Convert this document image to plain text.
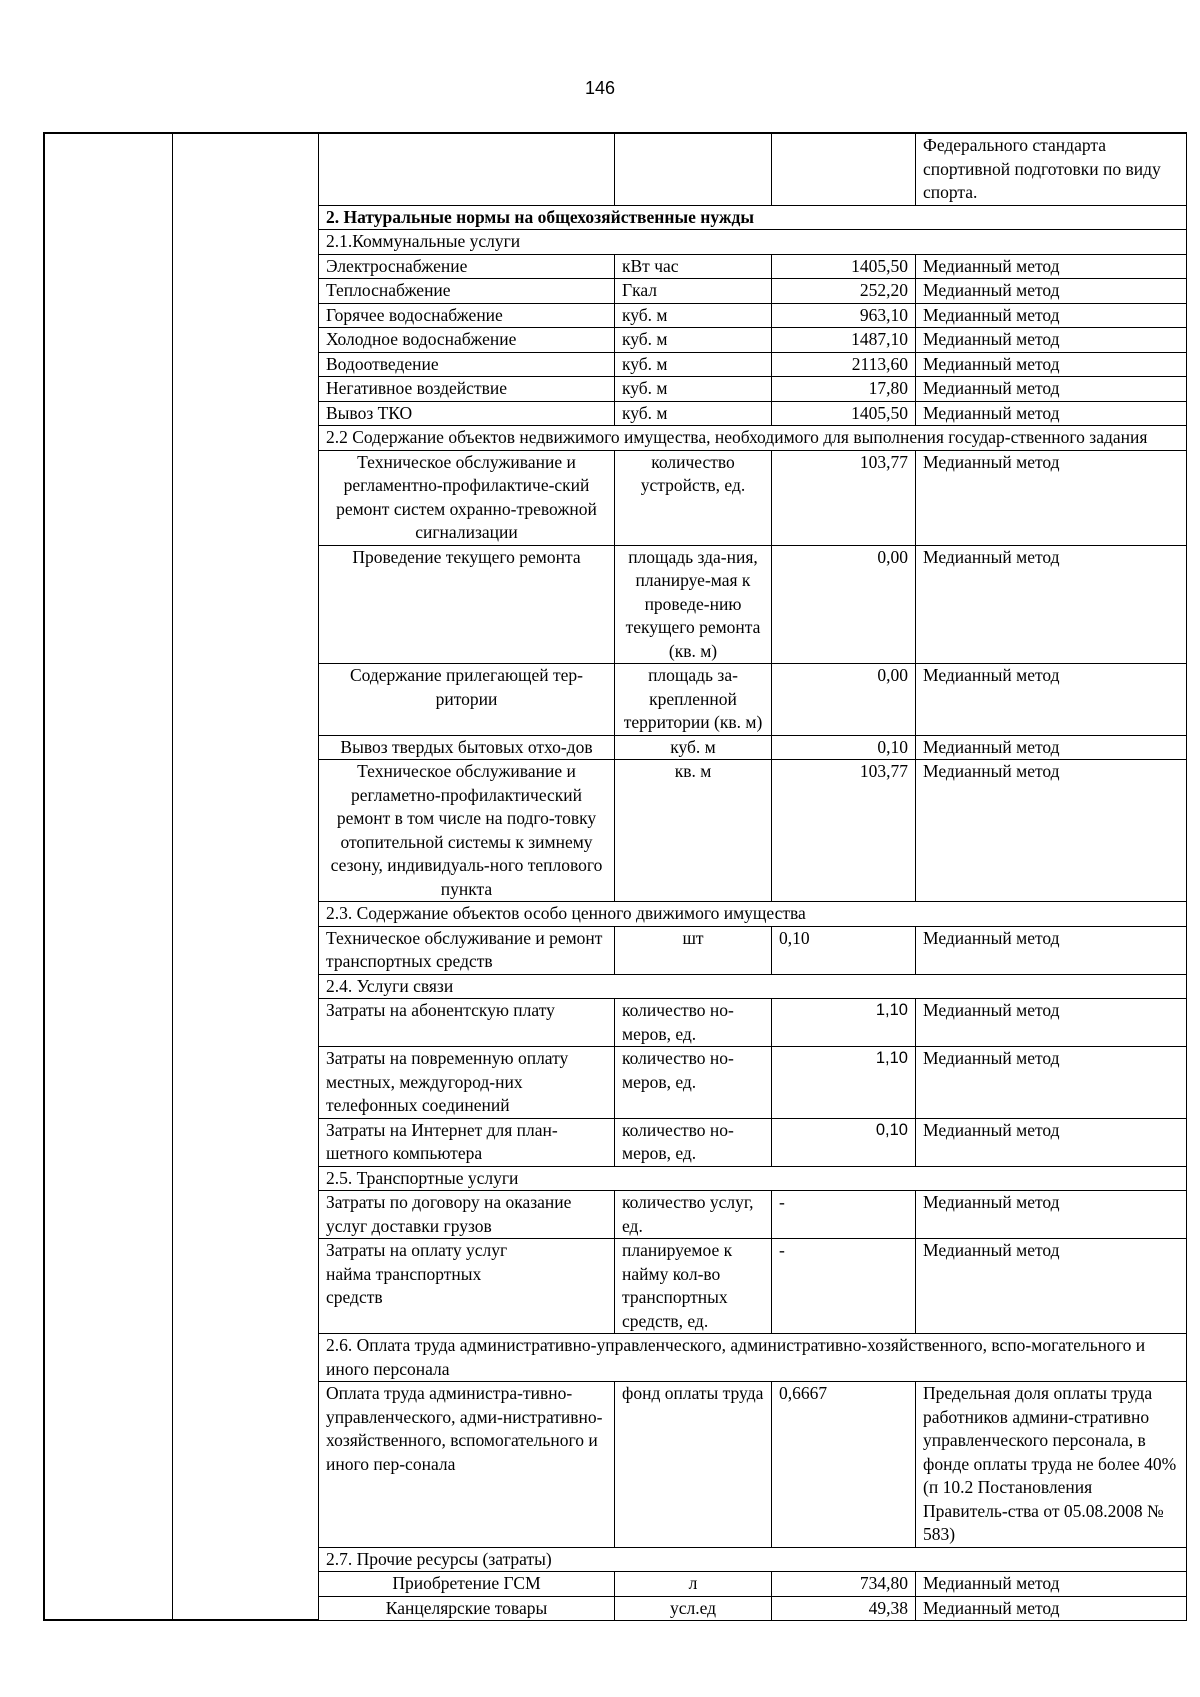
146
			Федерального стандарта спортивной подготовки по виду спорта.
2. Натуральные нормы на общехозяйственные нужды			
2.1.Коммунальные услуги			
Электроснабжение	кВт час	1405,50	Медианный метод
Теплоснабжение	Гкал	252,20	Медианный метод
Горячее водоснабжение	куб. м	963,10	Медианный метод
Холодное водоснабжение	куб. м	1487,10	Медианный метод
Водоотведение	куб. м	2113,60	Медианный метод
Негативное воздействие	куб. м	17,80	Медианный метод
Вывоз ТКО	куб. м	1405,50	Медианный метод
2.2 Содержание объектов недвижимого имущества, необходимого для выполнения государ-ственного задания			
Техническое обслуживание и регламентно-профилактиче-ский ремонт систем охранно-тревожной сигнализации	количество устройств, ед.	103,77	Медианный метод
Проведение текущего ремонта	площадь зда-ния, планируе-мая к проведе-нию текущего ремонта (кв. м)	0,00	Медианный метод
Содержание прилегающей тер-ритории	площадь за-крепленной территории (кв. м)	0,00	Медианный метод
Вывоз твердых бытовых отхо-дов	куб. м	0,10	Медианный метод
Техническое обслуживание и регламетно-профилактический ремонт в том числе на подго-товку отопительной системы к зимнему сезону, индивидуаль-ного теплового пункта	кв. м	103,77	Медианный метод
2.3. Содержание объектов особо ценного движимого имущества			
Техническое обслуживание и ремонт транспортных средств	шт	0,10	Медианный метод
2.4. Услуги связи			
Затраты на абонентскую плату	количество но-меров, ед.	1,10	Медианный метод
Затраты на повременную оплату местных, междугород-них телефонных соединений	количество но-меров, ед.	1,10	Медианный метод
Затраты на Интернет для план-шетного компьютера	количество но-меров, ед.	0,10	Медианный метод
2.5. Транспортные услуги			
Затраты по договору на оказание услуг доставки грузов	количество услуг, ед.	-	Медианный метод
Затраты на оплату услуг найма транспортных средств	планируемое к найму кол-во транспортных средств, ед.	-	Медианный метод
2.6. Оплата труда административно-управленческого, административно-хозяйственного, вспо-могательного и иного персонала			
Оплата труда администра-тивно-управленческого, адми-нистративно-хозяйственного, вспомогательного и иного пер-сонала	фонд оплаты труда	0,6667	Предельная доля оплаты труда работников админи-стративно управленческого персонала, в фонде оплаты труда не более 40% (п 10.2 Постановления Правитель-ства от 05.08.2008 № 583)
2.7. Прочие ресурсы (затраты)			
Приобретение ГСМ	л	734,80	Медианный метод
Канцелярские товары	усл.ед	49,38	Медианный метод
